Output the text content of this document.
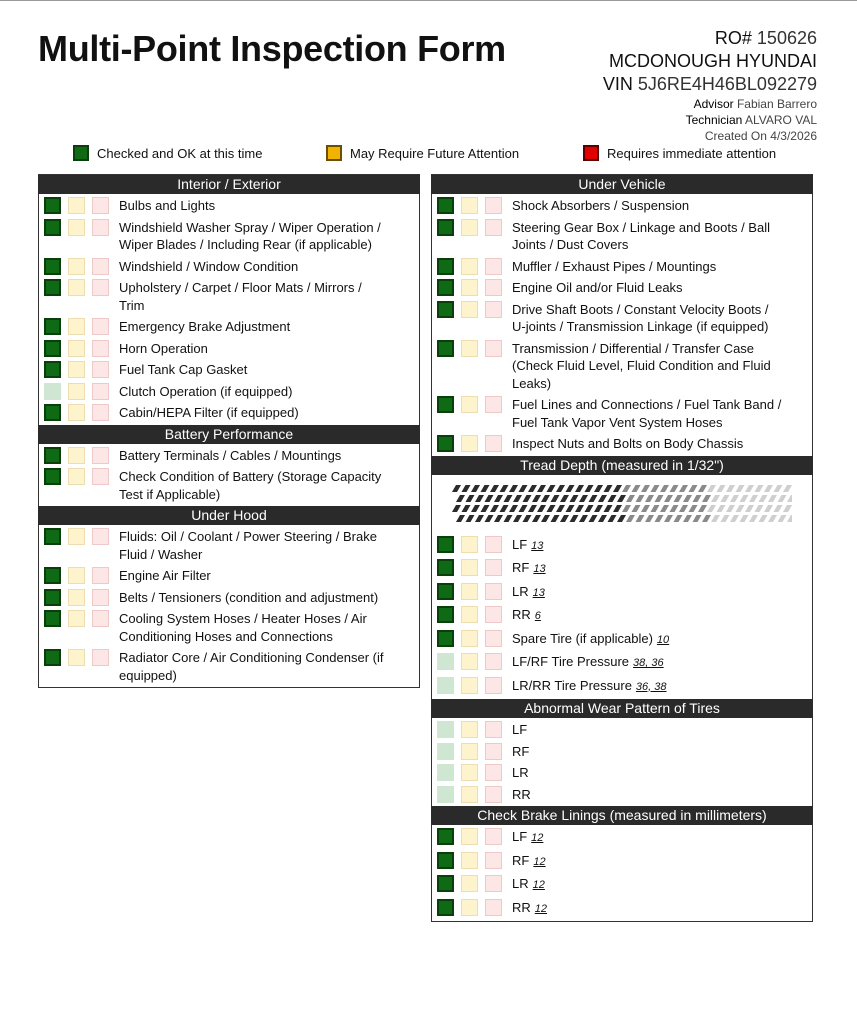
Multi-Point Inspection Form	RO# 150626
MCDONOUGH HYUNDAI
VIN 5J6RE4H46BL092279
Advisor Fabian Barrero
Technician ALVARO VAL
Created On 4/3/2026
Checked and OK at this time	May Require Future Attention	Requires immediate attention
Interior / Exterior
Bulbs and Lights
Windshield Washer Spray / Wiper Operation / Wiper Blades / Including Rear (if applicable)
Windshield / Window Condition
Upholstery / Carpet / Floor Mats / Mirrors / Trim
Emergency Brake Adjustment
Horn Operation
Fuel Tank Cap Gasket
Clutch Operation (if equipped)
Cabin/HEPA Filter (if equipped)
Battery Performance
Battery Terminals / Cables / Mountings
Check Condition of Battery (Storage Capacity Test if Applicable)
Under Hood
Fluids: Oil / Coolant / Power Steering / Brake Fluid / Washer
Engine Air Filter
Belts / Tensioners (condition and adjustment)
Cooling System Hoses / Heater Hoses / Air Conditioning Hoses and Connections
Radiator Core / Air Conditioning Condenser (if equipped)
Under Vehicle
Shock Absorbers / Suspension
Steering Gear Box / Linkage and Boots / Ball Joints / Dust Covers
Muffler / Exhaust Pipes / Mountings
Engine Oil and/or Fluid Leaks
Drive Shaft Boots / Constant Velocity Boots / U-joints / Transmission Linkage (if equipped)
Transmission / Differential / Transfer Case (Check Fluid Level, Fluid Condition and Fluid Leaks)
Fuel Lines and Connections / Fuel Tank Band / Fuel Tank Vapor Vent System Hoses
Inspect Nuts and Bolts on Body Chassis
Tread Depth (measured in 1/32")
LF 13
RF 13
LR 13
RR 6
Spare Tire (if applicable) 10
LF/RF Tire Pressure 38, 36
LR/RR Tire Pressure 36, 38
Abnormal Wear Pattern of Tires
LF
RF
LR
RR
Check Brake Linings (measured in millimeters)
LF 12
RF 12
LR 12
RR 12
